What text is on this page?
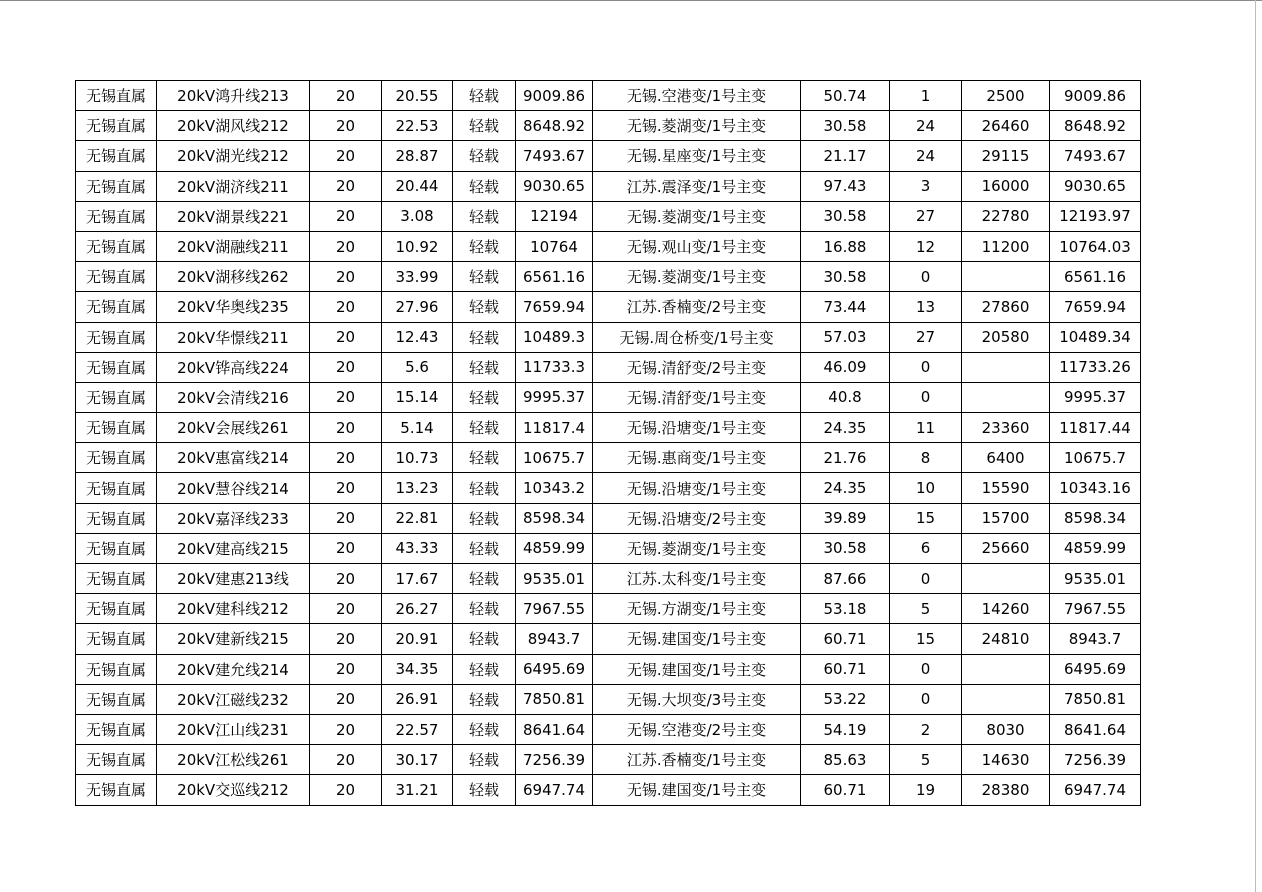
无锡直属	20kV鸿升线213	20	20.55	轻载	9009.86	无锡.空港变/1号主变	50.74	1	2500	9009.86
无锡直属	20kV湖风线212	20	22.53	轻载	8648.92	无锡.菱湖变/1号主变	30.58	24	26460	8648.92
无锡直属	20kV湖光线212	20	28.87	轻载	7493.67	无锡.星座变/1号主变	21.17	24	29115	7493.67
无锡直属	20kV湖济线211	20	20.44	轻载	9030.65	江苏.震泽变/1号主变	97.43	3	16000	9030.65
无锡直属	20kV湖景线221	20	3.08	轻载	12194	无锡.菱湖变/1号主变	30.58	27	22780	12193.97
无锡直属	20kV湖融线211	20	10.92	轻载	10764	无锡.观山变/1号主变	16.88	12	11200	10764.03
无锡直属	20kV湖移线262	20	33.99	轻载	6561.16	无锡.菱湖变/1号主变	30.58	0		6561.16
无锡直属	20kV华奥线235	20	27.96	轻载	7659.94	江苏.香楠变/2号主变	73.44	13	27860	7659.94
无锡直属	20kV华憬线211	20	12.43	轻载	10489.3	无锡.周仓桥变/1号主变	57.03	27	20580	10489.34
无锡直属	20kV铧高线224	20	5.6	轻载	11733.3	无锡.清舒变/2号主变	46.09	0		11733.26
无锡直属	20kV会清线216	20	15.14	轻载	9995.37	无锡.清舒变/1号主变	40.8	0		9995.37
无锡直属	20kV会展线261	20	5.14	轻载	11817.4	无锡.沿塘变/1号主变	24.35	11	23360	11817.44
无锡直属	20kV惠富线214	20	10.73	轻载	10675.7	无锡.惠商变/1号主变	21.76	8	6400	10675.7
无锡直属	20kV慧谷线214	20	13.23	轻载	10343.2	无锡.沿塘变/1号主变	24.35	10	15590	10343.16
无锡直属	20kV嘉泽线233	20	22.81	轻载	8598.34	无锡.沿塘变/2号主变	39.89	15	15700	8598.34
无锡直属	20kV建高线215	20	43.33	轻载	4859.99	无锡.菱湖变/1号主变	30.58	6	25660	4859.99
无锡直属	20kV建惠213线	20	17.67	轻载	9535.01	江苏.太科变/1号主变	87.66	0		9535.01
无锡直属	20kV建科线212	20	26.27	轻载	7967.55	无锡.方湖变/1号主变	53.18	5	14260	7967.55
无锡直属	20kV建新线215	20	20.91	轻载	8943.7	无锡.建国变/1号主变	60.71	15	24810	8943.7
无锡直属	20kV建允线214	20	34.35	轻载	6495.69	无锡.建国变/1号主变	60.71	0		6495.69
无锡直属	20kV江磁线232	20	26.91	轻载	7850.81	无锡.大坝变/3号主变	53.22	0		7850.81
无锡直属	20kV江山线231	20	22.57	轻载	8641.64	无锡.空港变/2号主变	54.19	2	8030	8641.64
无锡直属	20kV江松线261	20	30.17	轻载	7256.39	江苏.香楠变/1号主变	85.63	5	14630	7256.39
无锡直属	20kV交巡线212	20	31.21	轻载	6947.74	无锡.建国变/1号主变	60.71	19	28380	6947.74
